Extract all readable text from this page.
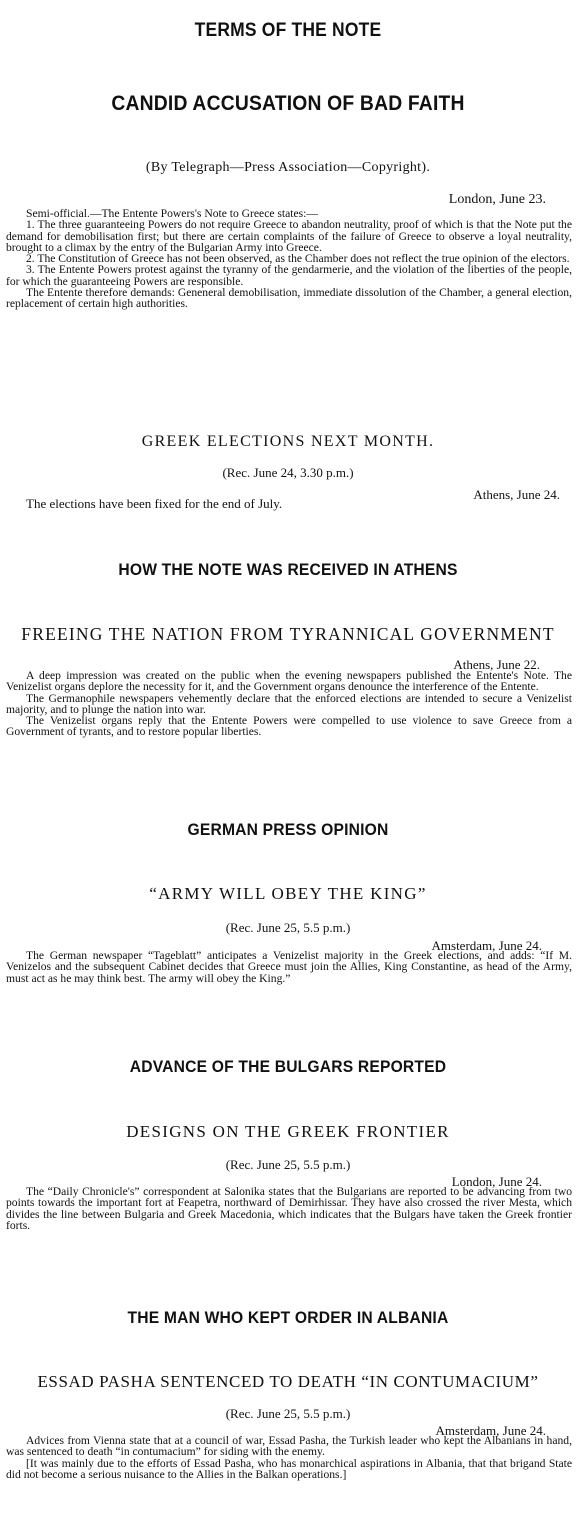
TERMS OF THE NOTE
CANDID ACCUSATION OF BAD FAITH
(By Telegraph—Press Association—Copyright).
London, June 23.

Semi-official.—The Entente Powers's Note to Greece states:—

1. The three guaranteeing Powers do not require Greece to abandon neutrality, proof of which is that the Note put the demand for demobilisation first; but there are certain complaints of the failure of Greece to observe a loyal neutrality, brought to a climax by the entry of the Bulgarian Army into Greece.

2. The Constitution of Greece has not been observed, as the Chamber does not reflect the true opinion of the electors.

3. The Entente Powers protest against the tyranny of the gendarmerie, and the violation of the liberties of the people, for which the guaranteeing Powers are responsible.

The Entente therefore demands: Geneneral demobilisation, immediate dissolution of the Chamber, a general election, replacement of certain high authorities.

GREEK ELECTIONS NEXT MONTH.
(Rec. June 24, 3.30 p.m.)
Athens, June 24.

The elections have been fixed for the end of July.

HOW THE NOTE WAS RECEIVED IN ATHENS
FREEING THE NATION FROM TYRANNICAL GOVERNMENT
Athens, June 22.

A deep impression was created on the public when the evening newspapers published the Entente's Note. The Venizelist organs deplore the necessity for it, and the Government organs denounce the interference of the Entente.

The Germanophile newspapers vehemently declare that the enforced elections are intended to secure a Venizelist majority, and to plunge the nation into war.

The Venizelist organs reply that the Entente Powers were compelled to use violence to save Greece from a Government of tyrants, and to restore popular liberties.

GERMAN PRESS OPINION
“ARMY WILL OBEY THE KING”
(Rec. June 25, 5.5 p.m.)
Amsterdam, June 24.

The German newspaper “Tageblatt” anticipates a Venizelist majority in the Greek elections, and adds: “If M. Venizelos and the subsequent Cabinet decides that Greece must join the Allies, King Constantine, as head of the Army, must act as he may think best. The army will obey the King.”

ADVANCE OF THE BULGARS REPORTED
DESIGNS ON THE GREEK FRONTIER
(Rec. June 25, 5.5 p.m.)
London, June 24.

The “Daily Chronicle's” correspondent at Salonika states that the Bulgarians are reported to be advancing from two points towards the important fort at Feapetra, northward of Demirhissar. They have also crossed the river Mesta, which divides the line between Bulgaria and Greek Macedonia, which indicates that the Bulgars have taken the Greek frontier forts.

THE MAN WHO KEPT ORDER IN ALBANIA
ESSAD PASHA SENTENCED TO DEATH “IN CONTUMACIUM”
(Rec. June 25, 5.5 p.m.)
Amsterdam, June 24.

Advices from Vienna state that at a council of war, Essad Pasha, the Turkish leader who kept the Albanians in hand, was sentenced to death “in contumacium” for siding with the enemy.

[It was mainly due to the efforts of Essad Pasha, who has monarchical aspirations in Albania, that that brigand State did not become a serious nuisance to the Allies in the Balkan operations.]
